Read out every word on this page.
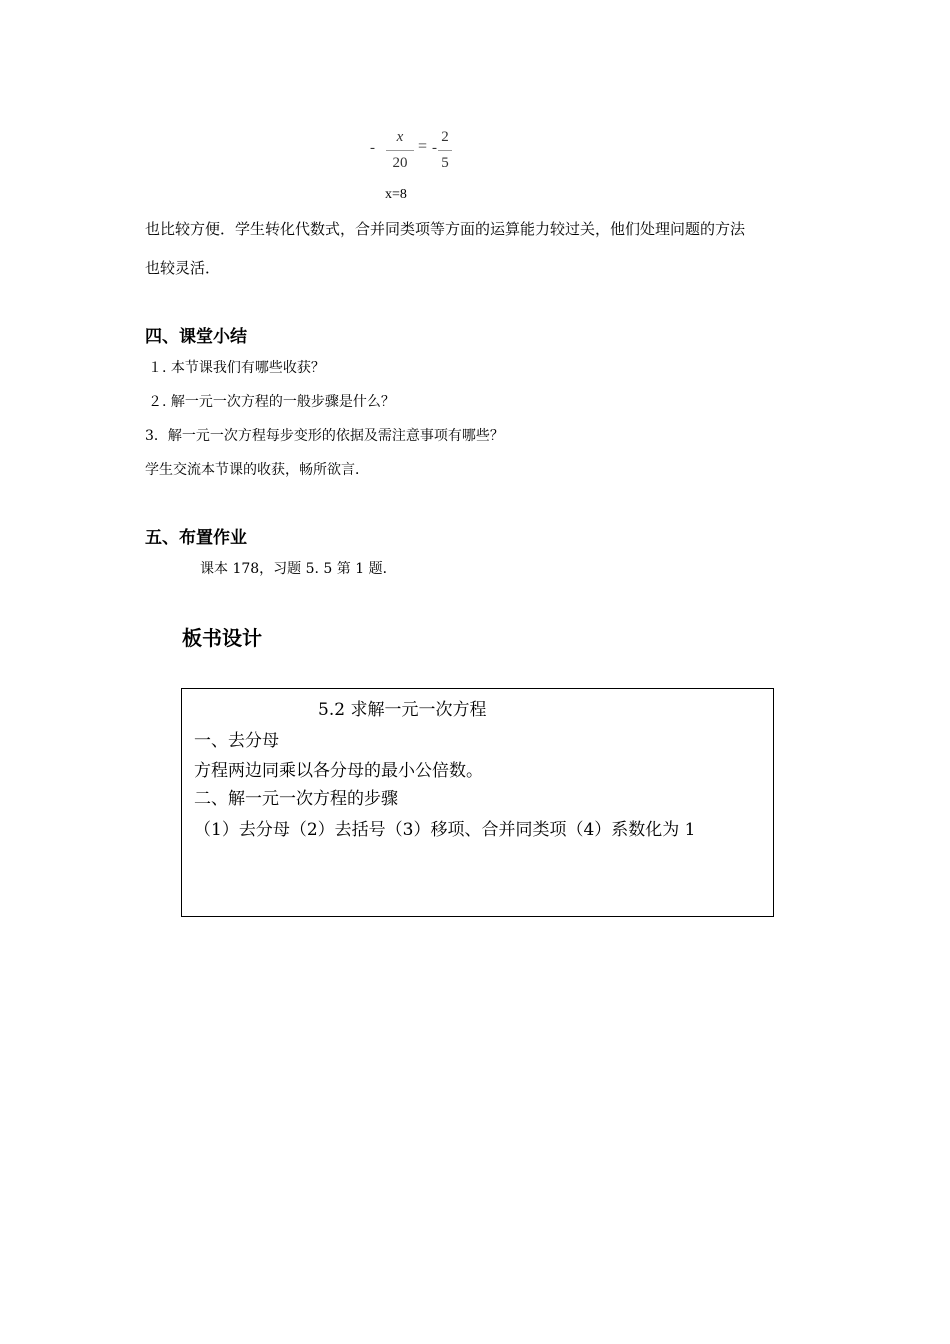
-
x
20
= -
2
5
x=8
也比较方便．学生转化代数式，合并同类项等方面的运算能力较过关，他们处理问题的方法
也较灵活．
四、课堂小结
１. 本节课我们有哪些收获？
２. 解一元一次方程的一般步骤是什么？
3．解一元一次方程每步变形的依据及需注意事项有哪些？
学生交流本节课的收获，畅所欲言．
五、布置作业
课本 178，习题 5. 5 第 1 题．
板书设计
5.2 求解一元一次方程
一、去分母
方程两边同乘以各分母的最小公倍数。
二、解一元一次方程的步骤
（1）去分母（2）去括号（3）移项、合并同类项（4）系数化为 1
